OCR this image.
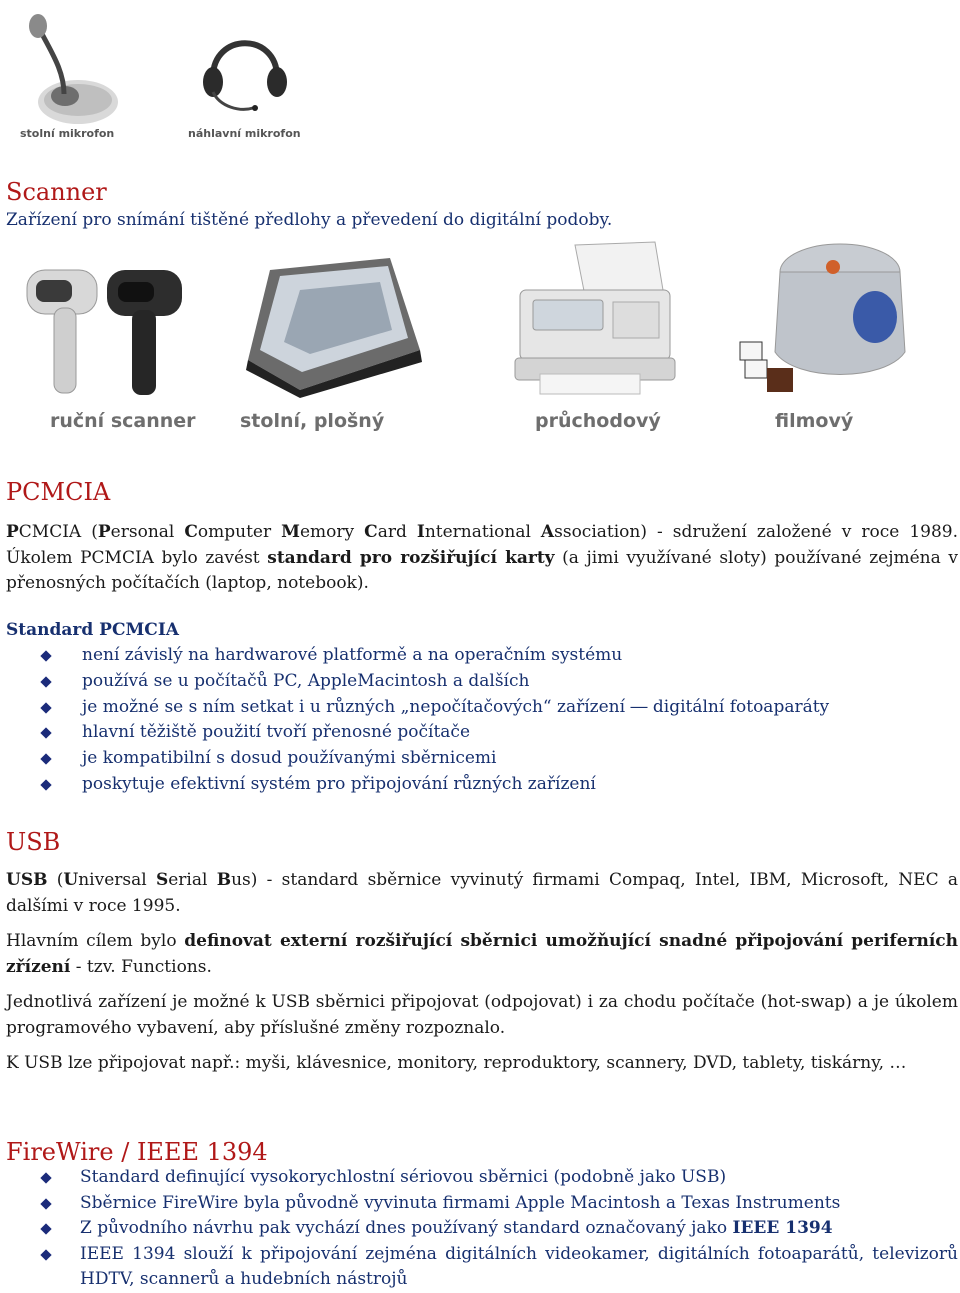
stolní mikrofon	náhlavní mikrofon
Scanner
Zařízení pro snímání tištěné předlohy a převedení do digitální podoby.
ruční scanner stolní, plošný	průchodový	filmový
PCMCIA
PCMCIA (Personal Computer Memory Card International Association) - sdružení založené v roce 1989. Úkolem PCMCIA bylo zavést standard pro rozšiřující karty (a jimi využívané sloty) používané zejména v přenosných počítačích (laptop, notebook).
Standard PCMCIA
není závislý na hardwarové platformě a na operačním systému
používá se u počítačů PC, AppleMacintosh a dalších
je možné se s ním setkat i u různých „nepočítačových“ zařízení ― digitální fotoaparáty
hlavní těžiště použití tvoří přenosné počítače
je kompatibilní s dosud používanými sběrnicemi
poskytuje efektivní systém pro připojování různých zařízení
USB
USB (Universal Serial Bus) - standard sběrnice vyvinutý firmami Compaq, Intel, IBM, Microsoft, NEC a dalšími v roce 1995.
Hlavním cílem bylo definovat externí rozšiřující sběrnici umožňující snadné připojování periferních zřízení - tzv. Functions.
Jednotlivá zařízení je možné k USB sběrnici připojovat (odpojovat) i za chodu počítače (hot-swap) a je úkolem programového vybavení, aby příslušné změny rozpoznalo.
K USB lze připojovat např.: myši, klávesnice, monitory, reproduktory, scannery, DVD, tablety, tiskárny, …
FireWire / IEEE 1394
Standard definující vysokorychlostní sériovou sběrnici (podobně jako USB)
Sběrnice FireWire byla původně vyvinuta firmami Apple Macintosh a Texas Instruments
Z původního návrhu pak vychází dnes používaný standard označovaný jako IEEE 1394
IEEE 1394 slouží k připojování zejména digitálních videokamer, digitálních fotoaparátů, televizorů HDTV, scannerů a hudebních nástrojů
